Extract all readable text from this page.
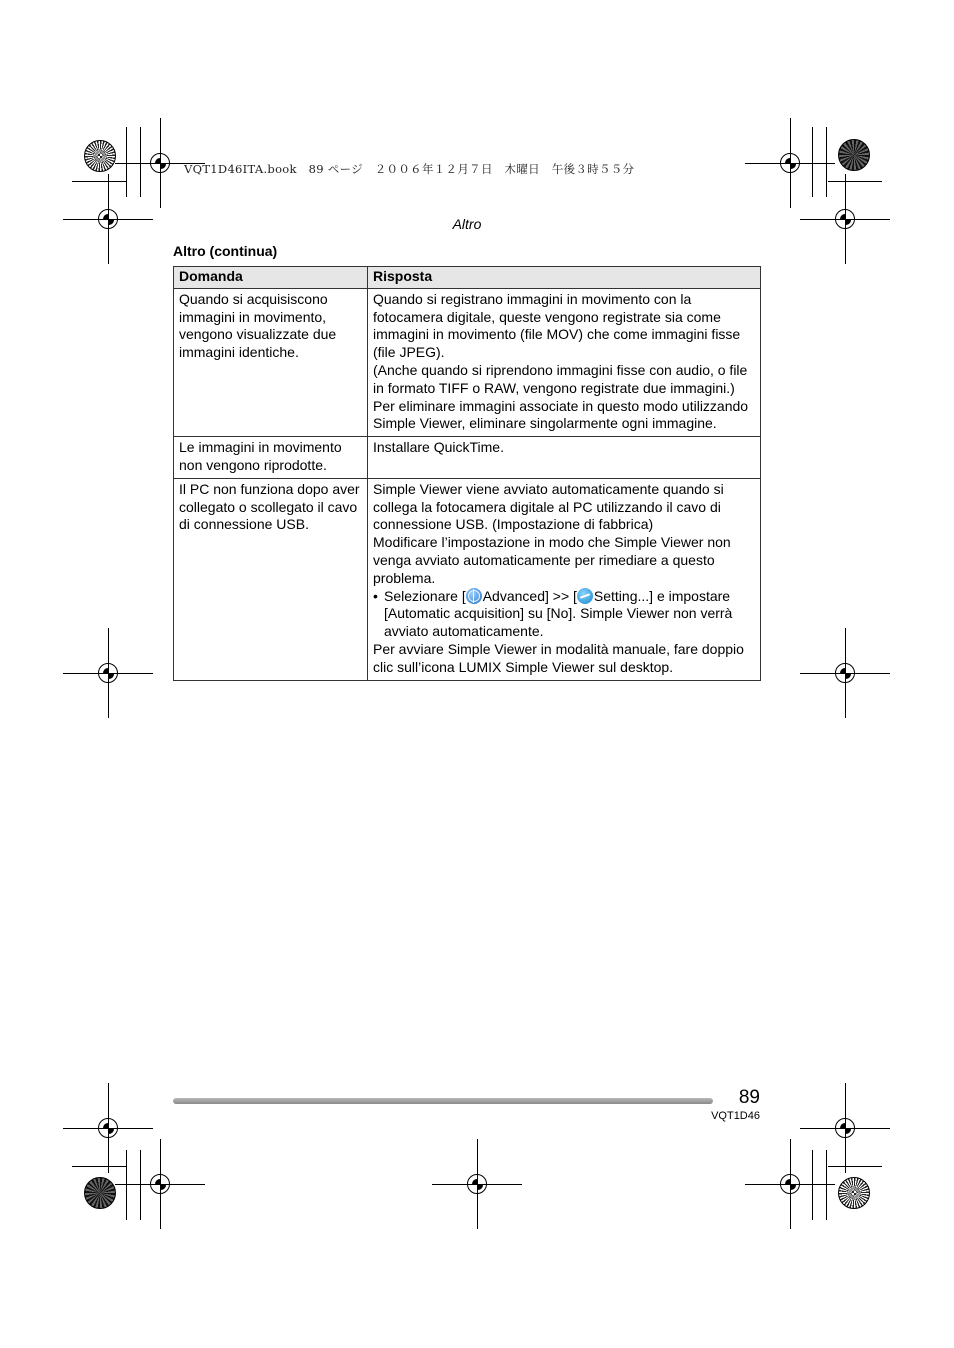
VQT1D46ITA.book　89 ページ　２００６年１２月７日　木曜日　午後３時５５分
Altro
Altro (continua)
Domanda	Risposta
Quando si acquisiscono immagini in movimento, vengono visualizzate due immagini identiche.	Quando si registrano immagini in movimento con la fotocamera digitale, queste vengono registrate sia come immagini in movimento (file MOV) che come immagini fisse (file JPEG).

(Anche quando si riprendono immagini fisse con audio, o file in formato TIFF o RAW, vengono registrate due immagini.)

Per eliminare immagini associate in questo modo utilizzando Simple Viewer, eliminare singolarmente ogni immagine.

Le immagini in movimento non vengono riprodotte.	Installare QuickTime.

Il PC non funziona dopo aver collegato o scollegato il cavo di connessione USB.	Simple Viewer viene avviato automaticamente quando si collega la fotocamera digitale al PC utilizzando il cavo di connessione USB. (Impostazione di fabbrica)

Modificare l’impostazione in modo che Simple Viewer non venga avviato automaticamente per rimediare a questo problema.

• Selezionare [ Advanced] >> [ Setting...] e impostare [Automatic acquisition] su [No]. Simple Viewer non verrà avviato automaticamente.

Per avviare Simple Viewer in modalità manuale, fare doppio clic sull’icona LUMIX Simple Viewer sul desktop.

89
VQT1D46
